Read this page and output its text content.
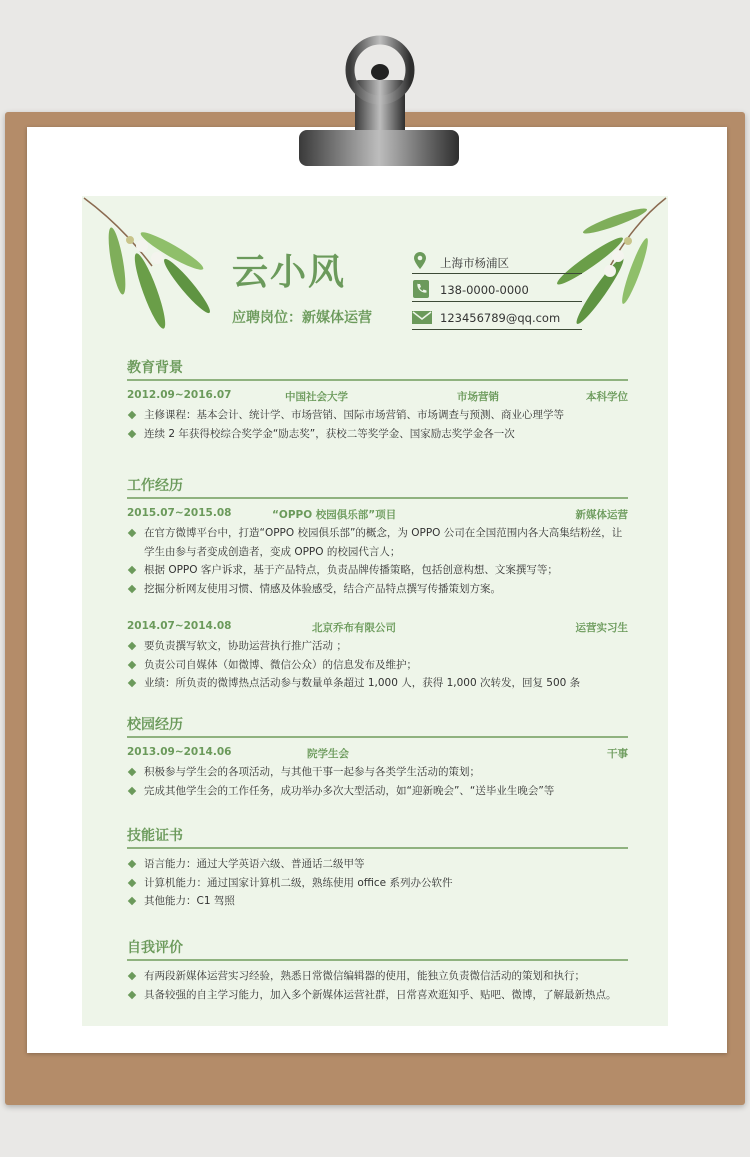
云小风
应聘岗位：新媒体运营
上海市杨浦区
138-0000-0000
123456789@qq.com
教育背景
2012.09~2016.07	中国社会大学	市场营销	本科学位
主修课程：基本会计、统计学、市场营销、国际市场营销、市场调查与预测、商业心理学等
连续 2 年获得校综合奖学金“励志奖”，获校二等奖学金、国家励志奖学金各一次
工作经历
2015.07~2015.08	“OPPO 校园俱乐部”项目	新媒体运营
在官方微博平台中，打造“OPPO 校园俱乐部”的概念，为 OPPO 公司在全国范围内各大高集结粉丝，让学生由参与者变成创造者，变成 OPPO 的校园代言人；
根据 OPPO 客户诉求，基于产品特点，负责品牌传播策略，包括创意构想、文案撰写等；
挖掘分析网友使用习惯、情感及体验感受，结合产品特点撰写传播策划方案。
2014.07~2014.08	北京乔布有限公司	运营实习生
要负责撰写软文，协助运营执行推广活动 ；
负责公司自媒体（如微博、微信公众）的信息发布及维护；
业绩：所负责的微博热点活动参与数量单条超过 1,000 人，获得 1,000 次转发，回复 500 条
校园经历
2013.09~2014.06	院学生会	干事
积极参与学生会的各项活动，与其他干事一起参与各类学生活动的策划；
完成其他学生会的工作任务，成功举办多次大型活动，如“迎新晚会”、“送毕业生晚会”等
技能证书
语言能力：通过大学英语六级、普通话二级甲等
计算机能力：通过国家计算机二级，熟练使用 office 系列办公软件
其他能力：C1 驾照
自我评价
有两段新媒体运营实习经验，熟悉日常微信编辑器的使用，能独立负责微信活动的策划和执行；
具备较强的自主学习能力，加入多个新媒体运营社群，日常喜欢逛知乎、贴吧、微博，了解最新热点。
